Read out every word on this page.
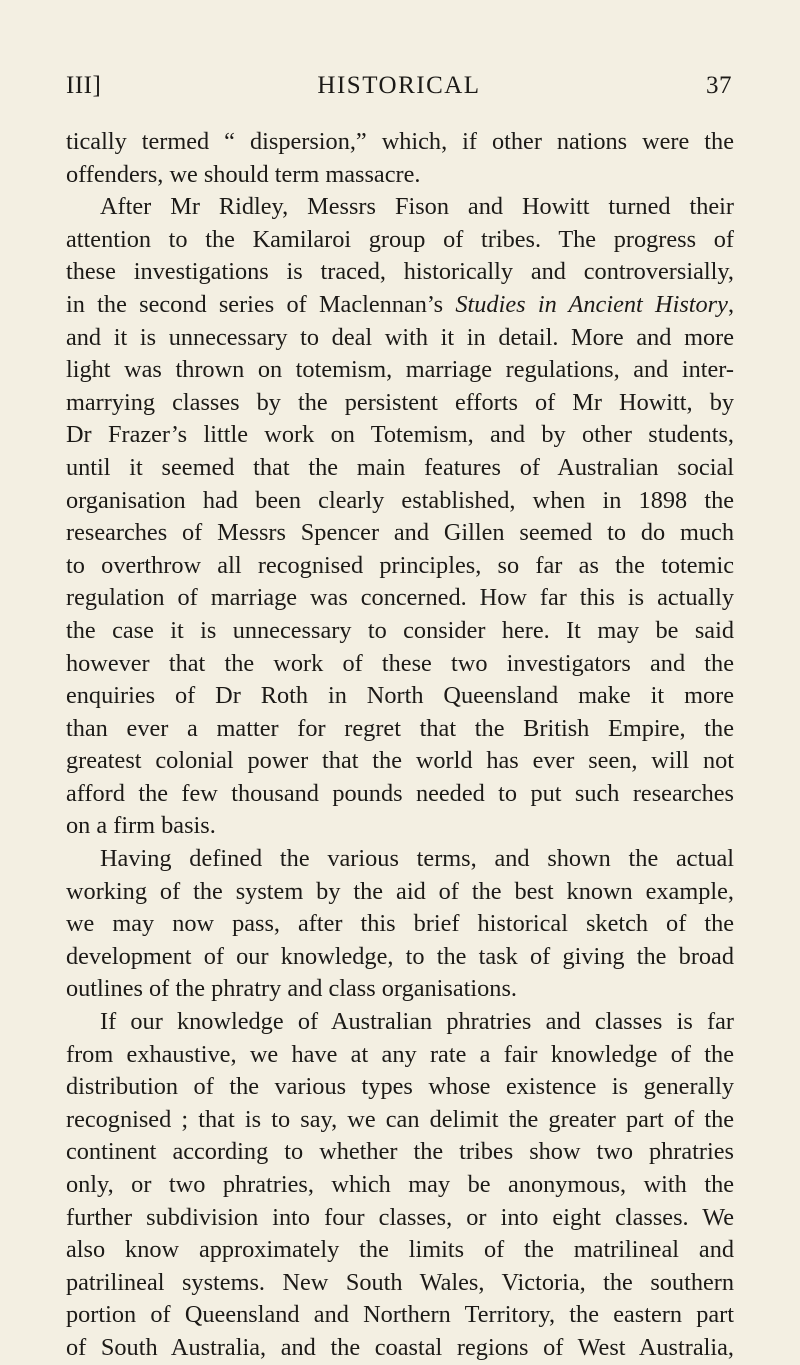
III]	HISTORICAL	37
tically termed “ dispersion,” which, if other nations were the
offenders, we should term massacre.
After Mr Ridley, Messrs Fison and Howitt turned their
attention to the Kamilaroi group of tribes. The progress of
these investigations is traced, historically and controversially,
in the second series of Maclennan’s Studies in Ancient History,
and it is unnecessary to deal with it in detail. More and more
light was thrown on totemism, marriage regulations, and inter-
marrying classes by the persistent efforts of Mr Howitt, by
Dr Frazer’s little work on Totemism, and by other students,
until it seemed that the main features of Australian social
organisation had been clearly established, when in 1898 the
researches of Messrs Spencer and Gillen seemed to do much
to overthrow all recognised principles, so far as the totemic
regulation of marriage was concerned. How far this is actually
the case it is unnecessary to consider here. It may be said
however that the work of these two investigators and the
enquiries of Dr Roth in North Queensland make it more
than ever a matter for regret that the British Empire, the
greatest colonial power that the world has ever seen, will not
afford the few thousand pounds needed to put such researches
on a firm basis.
Having defined the various terms, and shown the actual
working of the system by the aid of the best known example,
we may now pass, after this brief historical sketch of the
development of our knowledge, to the task of giving the broad
outlines of the phratry and class organisations.
If our knowledge of Australian phratries and classes is far
from exhaustive, we have at any rate a fair knowledge of the
distribution of the various types whose existence is generally
recognised ; that is to say, we can delimit the greater part of the
continent according to whether the tribes show two phratries
only, or two phratries, which may be anonymous, with the
further subdivision into four classes, or into eight classes. We
also know approximately the limits of the matrilineal and
patrilineal systems. New South Wales, Victoria, the southern
portion of Queensland and Northern Territory, the eastern part
of South Australia, and the coastal regions of West Australia,
